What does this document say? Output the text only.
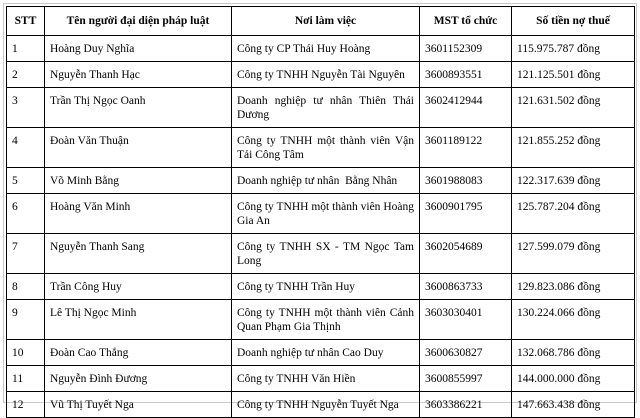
STT	Tên người đại diện pháp luật	Nơi làm việc	MST tổ chức	Số tiền nợ thuế
1	Hoàng Duy Nghĩa	Công ty CP Thái Huy Hoàng	3601152309	115.975.787 đồng
2	Nguyễn Thanh Hạc	Công ty TNHH Nguyễn Tài Nguyên	3600893551	121.125.501 đồng
3	Trần Thị Ngọc Oanh	Doanh nghiệp tư nhân Thiên Thái Dương	3602412944	121.631.502 đồng
4	Đoàn Văn Thuận	Công ty TNHH một thành viên Vận Tải Công Tâm	3601189122	121.855.252 đồng
5	Võ Minh Bằng	Doanh nghiệp tư nhân  Bằng Nhân	3601988083	122.317.639 đồng
6	Hoàng Văn Minh	Công ty TNHH một thành viên Hoàng Gia An	3600901795	125.787.204 đồng
7	Nguyễn Thanh Sang	Công ty TNHH SX - TM Ngọc Tam Long	3602054689	127.599.079 đồng
8	Trần Công Huy	Công ty TNHH Trần Huy	3600863733	129.823.086 đồng
9	Lê Thị Ngọc Minh	Công ty TNHH một thành viên Cảnh Quan Phạm Gia Thịnh	3603030401	130.224.066 đồng
10	Đoàn Cao Thắng	Doanh nghiệp tư nhân Cao Duy	3600630827	132.068.786 đồng
11	Nguyễn Đình Đương	Công ty TNHH Văn Hiền	3600855997	144.000.000 đồng
12	Vũ Thị Tuyết Nga	Công ty TNHH Nguyễn Tuyết Nga	3603386221	147.663.438 đồng
